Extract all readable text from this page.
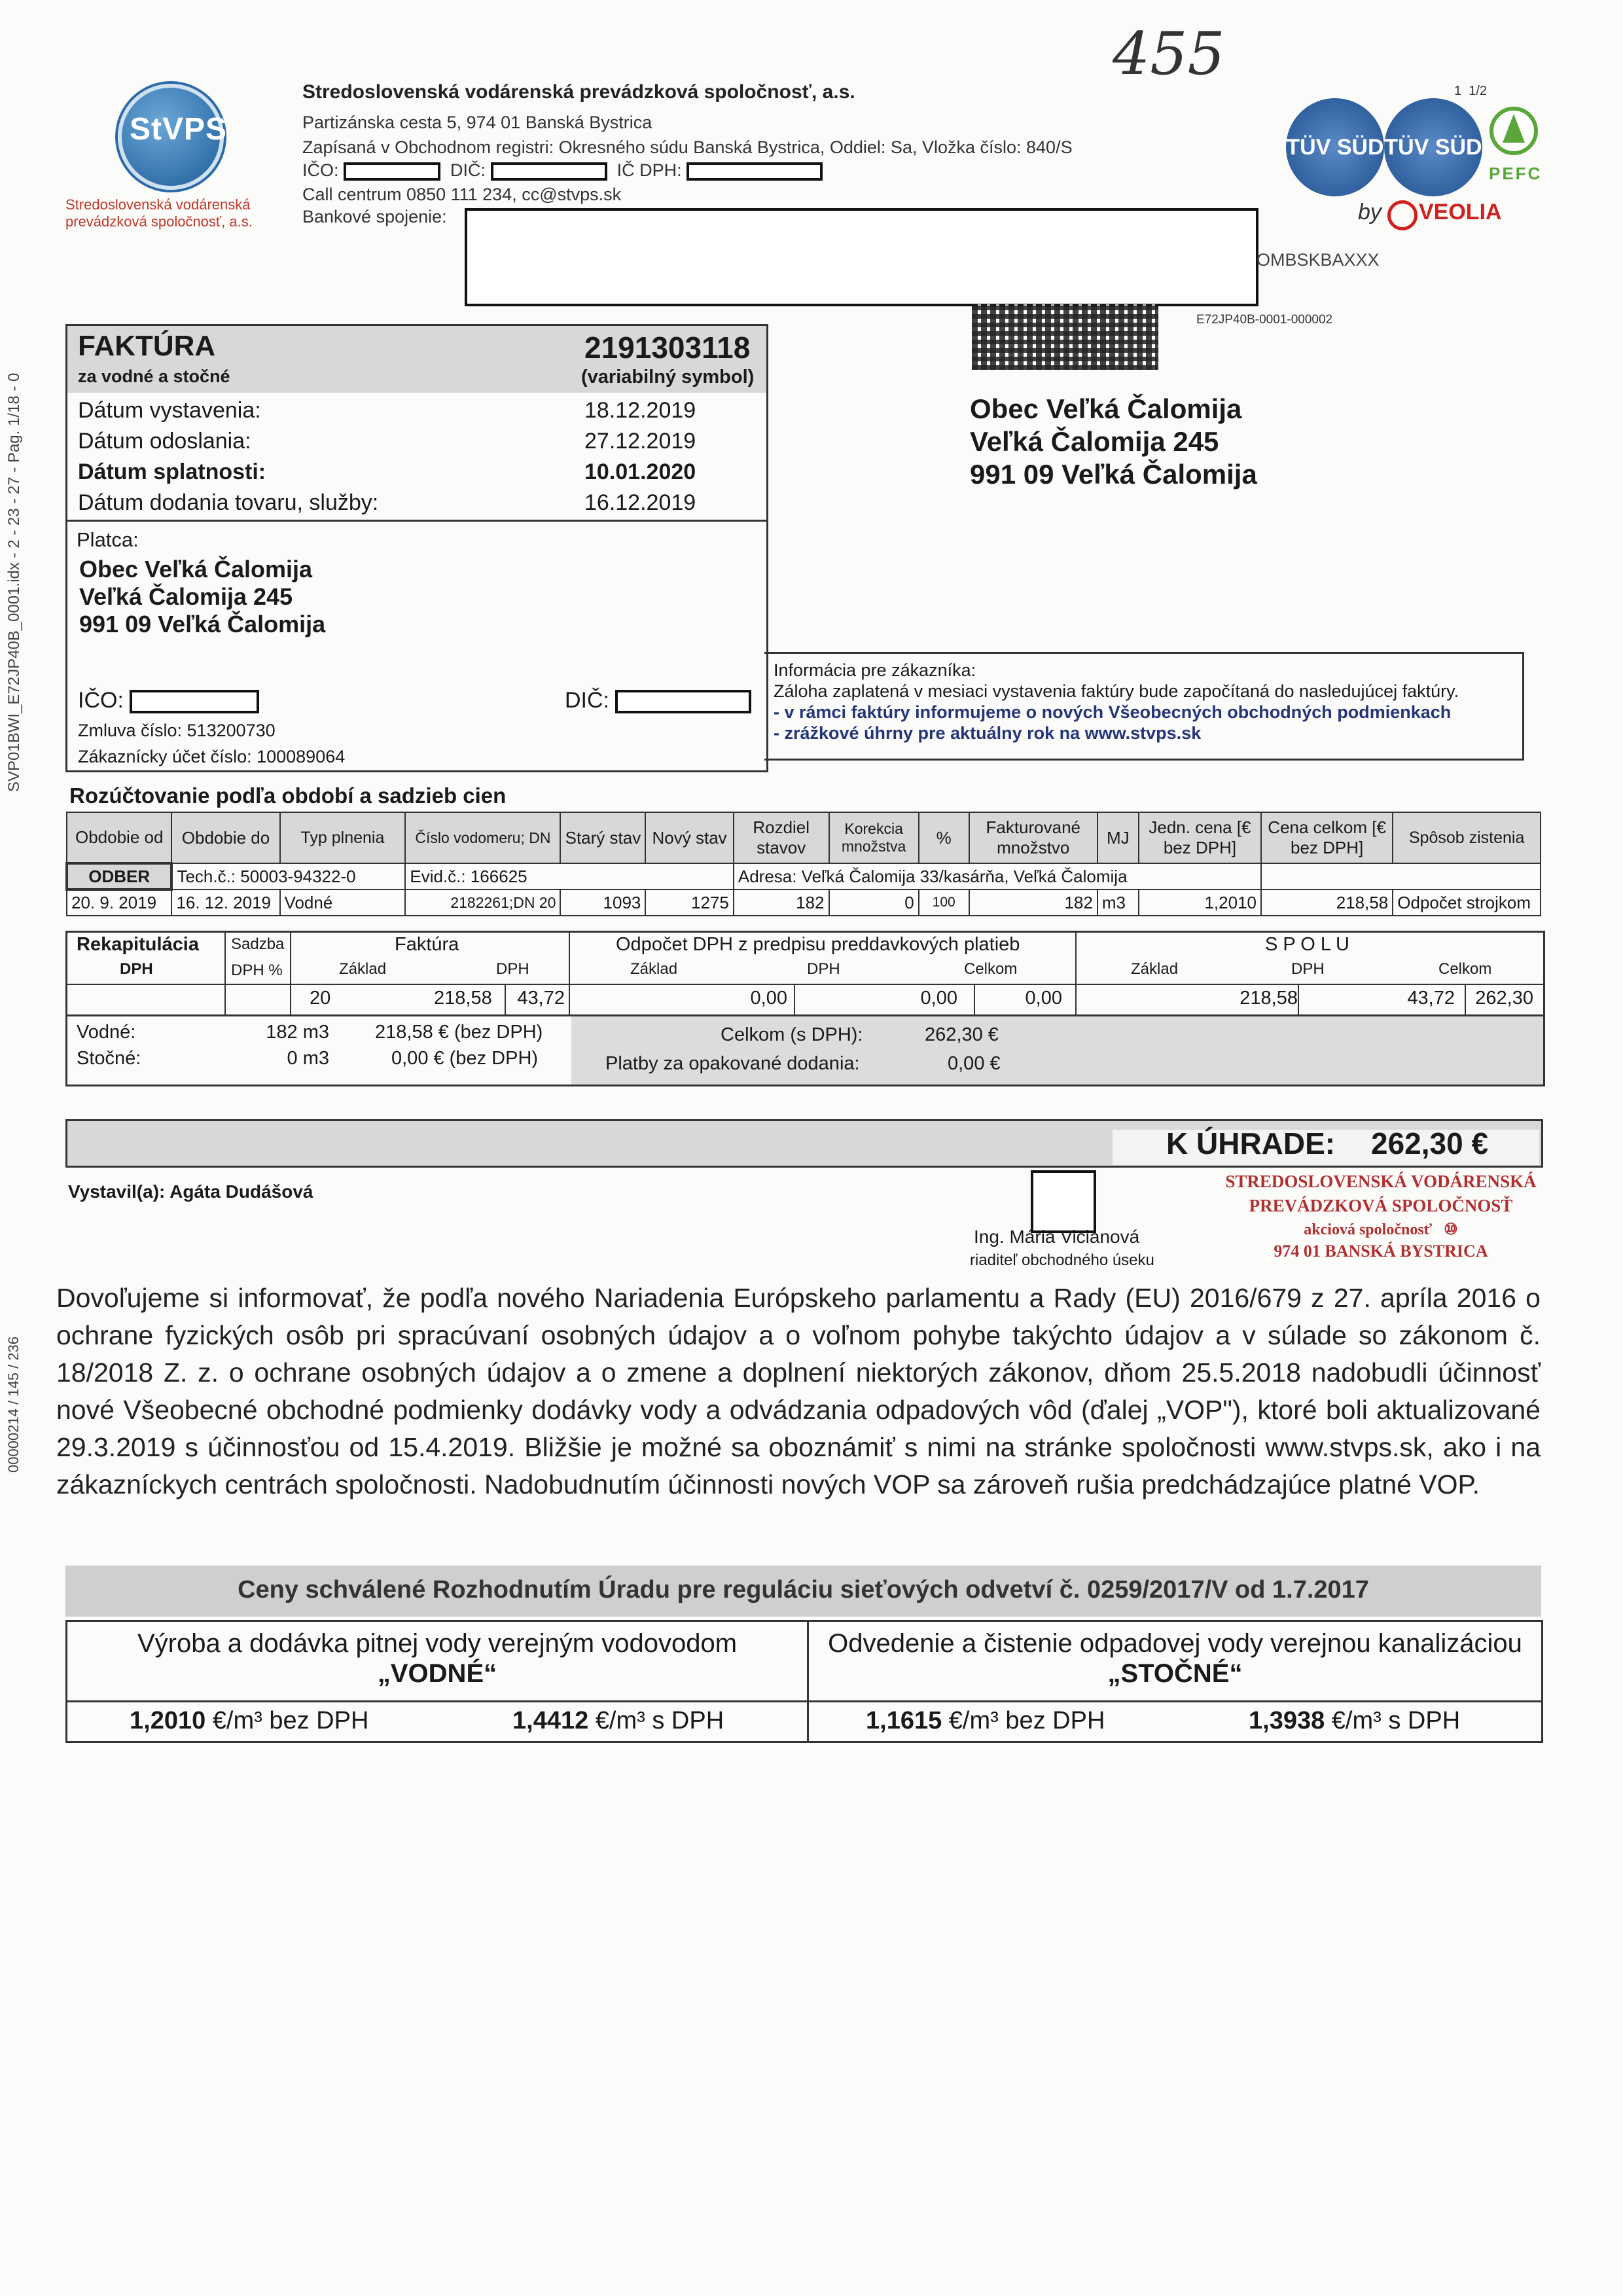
SVP01BWI_E72JP40B_0001.idx - 2 - 23 - 27 - Pag. 1/18 - 0
00000214 / 145 / 236
455
1 1/2
StVPS
Stredoslovenská vodárenská prevádzková spoločnosť, a.s.
Stredoslovenská vodárenská prevádzková spoločnosť, a.s.
Partizánska cesta 5, 974 01 Banská Bystrica
Zapísaná v Obchodnom registri: Okresného súdu Banská Bystrica, Oddiel: Sa, Vložka číslo: 840/S
IČO:	DIČ:	IČ DPH:
Call centrum 0850 111 234, cc@stvps.sk
Bankové spojenie:
OMBSKBAXXX
TÜV SÜD TÜV SÜD
PEFC
by VEOLIA
E72JP40B-0001-000002
FAKTÚRA
za vodné a stočné
2191303118
(variabilný symbol)
Dátum vystavenia:	18.12.2019
Dátum odoslania:	27.12.2019
Dátum splatnosti:	10.01.2020
Dátum dodania tovaru, služby:	16.12.2019
Platca:
Obec Veľká Čalomija
Veľká Čalomija 245
991 09 Veľká Čalomija
IČO:	DIČ:
Zmluva číslo: 513200730
Zákaznícky účet číslo: 100089064
Obec Veľká Čalomija
Veľká Čalomija 245
991 09 Veľká Čalomija
Informácia pre zákazníka:
Záloha zaplatená v mesiaci vystavenia faktúry bude započítaná do nasledujúcej faktúry.
- v rámci faktúry informujeme o nových Všeobecných obchodných podmienkach
- zrážkové úhrny pre aktuálny rok na www.stvps.sk
Rozúčtovanie podľa období a sadzieb cien
Obdobie od	Obdobie do	Typ plnenia	Číslo vodomeru; DN	Starý stav	Nový stav	Rozdiel stavov	Korekcia množstva	%	Fakturované množstvo	MJ	Jedn. cena [€ bez DPH]	Cena celkom [€ bez DPH]	Spôsob zistenia
ODBER	Tech.č.: 50003-94322-0		Evid.č.: 166625			Adresa: Veľká Čalomija 33/kasárňa, Veľká Čalomija							
20. 9. 2019	16. 12. 2019	Vodné	2182261;DN 20	1093	1275	182	0	100	182	m3	1,2010	218,58	Odpočet strojkom
Rekapitulácia
DPH
Sadzba
DPH %
Faktúra
Základ	DPH
Odpočet DPH z predpisu preddavkových platieb
Základ	DPH	Celkom
S P O L U
Základ	DPH	Celkom
20	218,58	43,72	0,00	0,00	0,00	218,58	43,72	262,30
Vodné:	182 m3 218,58 € (bez DPH)
Stočné:	0 m3	0,00 € (bez DPH)
Celkom (s DPH):	262,30 €
Platby za opakované dodania:	0,00 €
K ÚHRADE: 262,30 €
Vystavil(a): Agáta Dudášová
Ing. Mária Vicianová
riaditeľ obchodného úseku
STREDOSLOVENSKÁ VODÁRENSKÁ
PREVÁDZKOVÁ SPOLOČNOSŤ
akciová spoločnosť ⑩
974 01 BANSKÁ BYSTRICA
Dovoľujeme si informovať, že podľa nového Nariadenia Európskeho parlamentu a Rady (EU) 2016/679 z 27. apríla 2016 o ochrane fyzických osôb pri spracúvaní osobných údajov a o voľnom pohybe takýchto údajov a v súlade so zákonom č. 18/2018 Z. z. o ochrane osobných údajov a o zmene a doplnení niektorých zákonov, dňom 25.5.2018 nadobudli účinnosť nové Všeobecné obchodné podmienky dodávky vody a odvádzania odpadových vôd (ďalej „VOP"), ktoré boli aktualizované 29.3.2019 s účinnosťou od 15.4.2019. Bližšie je možné sa oboznámiť s nimi na stránke spoločnosti www.stvps.sk, ako i na zákazníckych centrách spoločnosti. Nadobudnutím účinnosti nových VOP sa zároveň rušia predchádzajúce platné VOP.
Ceny schválené Rozhodnutím Úradu pre reguláciu sieťových odvetví č. 0259/2017/V od 1.7.2017
Výroba a dodávka pitnej vody verejným vodovodom
„VODNÉ“
Odvedenie a čistenie odpadovej vody verejnou kanalizáciou
„STOČNÉ“
1,2010 €/m³ bez DPH	1,4412 €/m³ s DPH	1,1615 €/m³ bez DPH	1,3938 €/m³ s DPH
